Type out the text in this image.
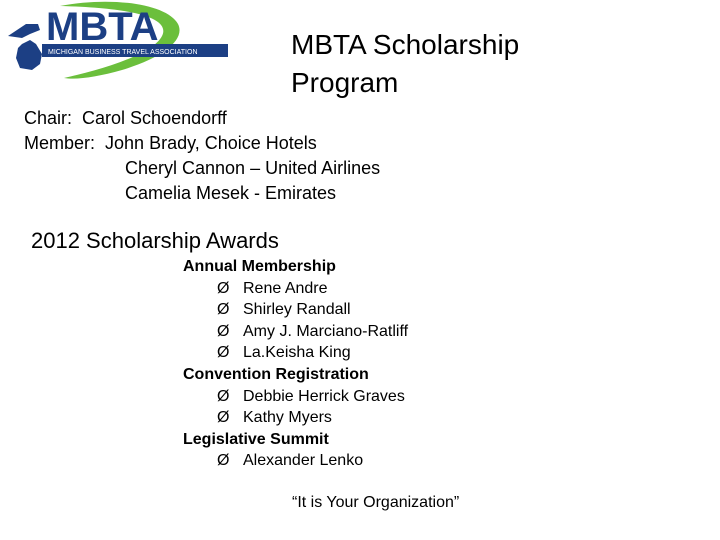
MBTA
MICHIGAN BUSINESS TRAVEL ASSOCIATION	MBTA Scholarship
Program
Chair: Carol Schoendorff
Member: John Brady, Choice Hotels
Cheryl Cannon – United Airlines
Camelia Mesek - Emirates
2012 Scholarship Awards
Annual Membership
Ø Rene Andre
Ø Shirley Randall
Ø Amy J. Marciano-Ratliff
Ø La.Keisha King
Convention Registration
Ø Debbie Herrick Graves
Ø Kathy Myers
Legislative Summit
Ø Alexander Lenko
“It is Your Organization”
